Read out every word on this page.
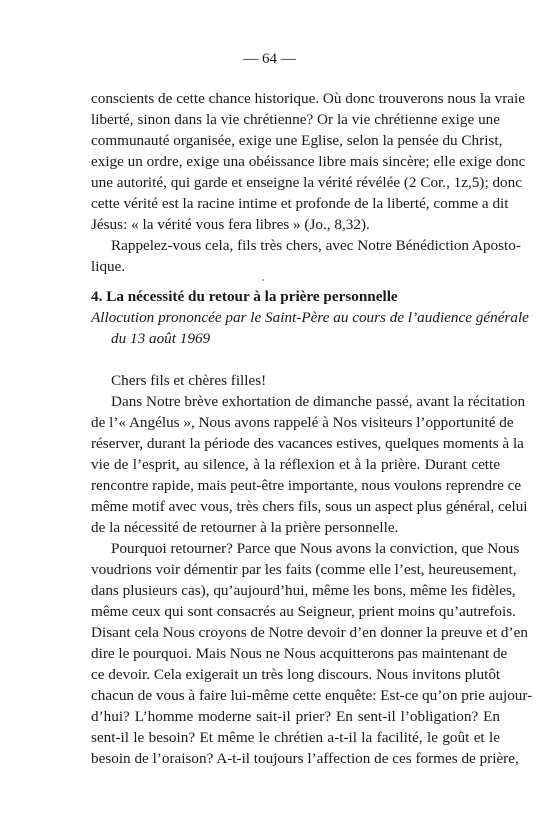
— 64 —
conscients de cette chance historique. Où donc trouverons nous la vraie
liberté, sinon dans la vie chrétienne? Or la vie chrétienne exige une
communauté organisée, exige une Eglise, selon la pensée du Christ,
exige un ordre, exige una obéissance libre mais sincère; elle exige donc
une autorité, qui garde et enseigne la vérité révélée (2 Cor., 1z,5); donc
cette vérité est la racine intime et profonde de la liberté, comme a dit
Jésus: « la vérité vous fera libres » (Jo., 8,32).
Rappelez-vous cela, fils très chers, avec Notre Bénédiction Aposto-
lique.
4. La nécessité du retour à la prière personnelle
Allocution prononcée par le Saint-Père au cours de l’audience générale
du 13 août 1969
Chers fils et chères filles!
Dans Notre brève exhortation de dimanche passé, avant la récitation
de l’« Angélus », Nous avons rappelé à Nos visiteurs l’opportunité de
réserver, durant la période des vacances estives, quelques moments à la
vie de l’esprit, au silence, à la réflexion et à la prière. Durant cette
rencontre rapide, mais peut-être importante, nous voulons reprendre ce
même motif avec vous, très chers fils, sous un aspect plus général, celui
de la nécessité de retourner à la prière personnelle.
Pourquoi retourner? Parce que Nous avons la conviction, que Nous
voudrions voir démentir par les faits (comme elle l’est, heureusement,
dans plusieurs cas), qu’aujourd’hui, même les bons, même les fidèles,
même ceux qui sont consacrés au Seigneur, prient moins qu’autrefois.
Disant cela Nous croyons de Notre devoir d’en donner la preuve et d’en
dire le pourquoi. Mais Nous ne Nous acquitterons pas maintenant de
ce devoir. Cela exigerait un très long discours. Nous invitons plutôt
chacun de vous à faire lui-même cette enquête: Est-ce qu’on prie aujour-
d’hui? L’homme moderne sait-il prier? En sent-il l’obligation? En
sent-il le besoin? Et même le chrétien a-t-il la facilité, le goût et le
besoin de l’oraison? A-t-il toujours l’affection de ces formes de prière,
